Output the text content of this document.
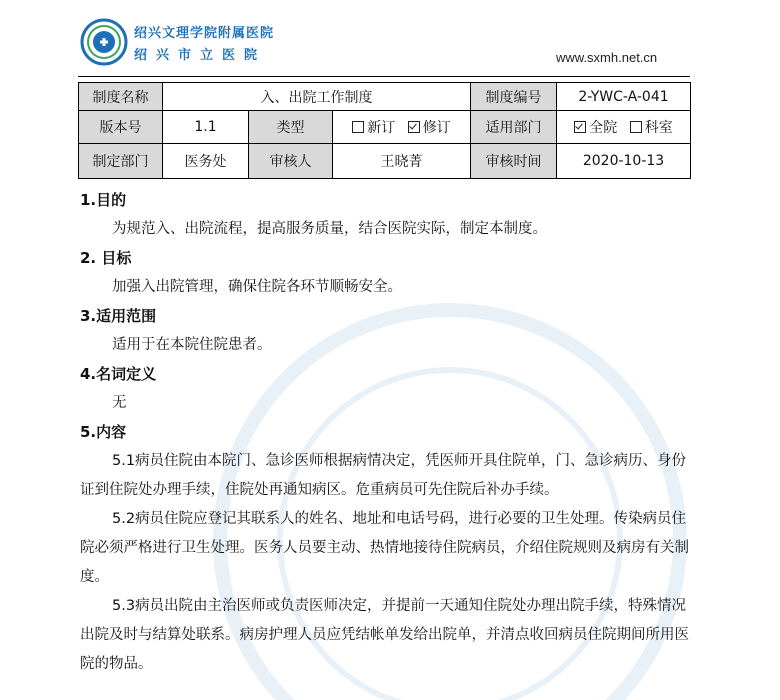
绍兴文理学院附属医院
绍兴市立医院	www.sxmh.net.cn
制度名称	入、出院工作制度			制度编号	2-YWC-A-041
版本号	1.1	类型	新订 修订	适用部门	全院 科室
制定部门	医务处	审核人	王晓菁	审核时间	2020-10-13
1.目的
为规范入、出院流程，提高服务质量，结合医院实际，制定本制度。
2. 目标
加强入出院管理，确保住院各环节顺畅安全。
3.适用范围
适用于在本院住院患者。
4.名词定义
无
5.内容

5.1病员住院由本院门、急诊医师根据病情决定，凭医师开具住院单，门、急诊病历、身份证到住院处办理手续，住院处再通知病区。危重病员可先住院后补办手续。

5.2病员住院应登记其联系人的姓名、地址和电话号码，进行必要的卫生处理。传染病员住院必须严格进行卫生处理。医务人员要主动、热情地接待住院病员，介绍住院规则及病房有关制度。

5.3病员出院由主治医师或负责医师决定，并提前一天通知住院处办理出院手续，特殊情况出院及时与结算处联系。病房护理人员应凭结帐单发给出院单，并清点收回病员住院期间所用医院的物品。
